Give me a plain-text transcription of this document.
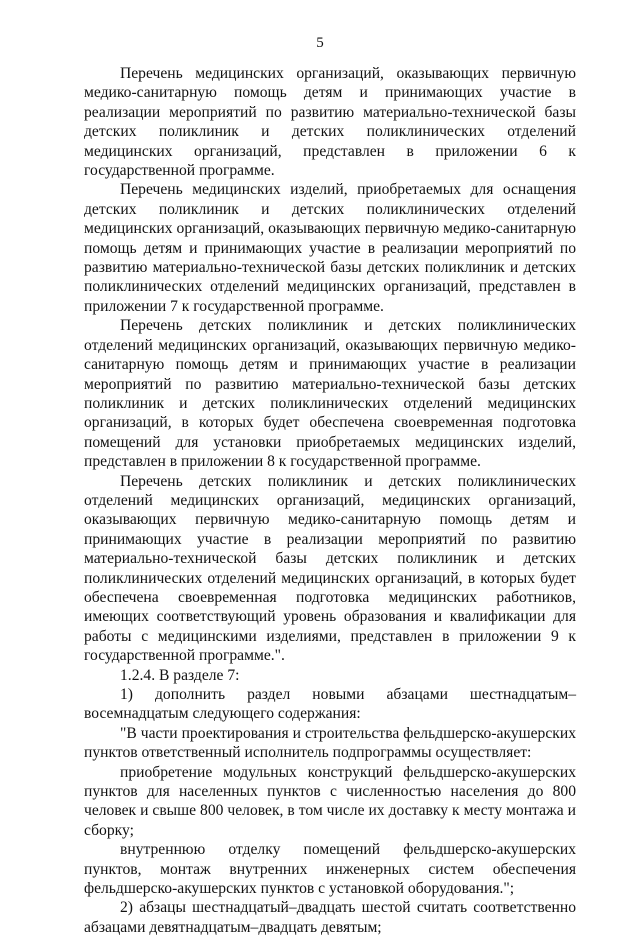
5

Перечень медицинских организаций, оказывающих первичную медико-санитарную помощь детям и принимающих участие в реализации мероприятий по развитию материально-технической базы детских поликлиник и детских поликлинических отделений медицинских организаций, представлен в приложении 6 к государственной программе.

Перечень медицинских изделий, приобретаемых для оснащения детских поликлиник и детских поликлинических отделений медицинских организаций, оказывающих первичную медико-санитарную помощь детям и принимающих участие в реализации мероприятий по развитию материально-технической базы детских поликлиник и детских поликлинических отделений медицинских организаций, представлен в приложении 7 к государственной программе.

Перечень детских поликлиник и детских поликлинических отделений медицинских организаций, оказывающих первичную медико-санитарную помощь детям и принимающих участие в реализации мероприятий по развитию материально-технической базы детских поликлиник и детских поликлинических отделений медицинских организаций, в которых будет обеспечена своевременная подготовка помещений для установки приобретаемых медицинских изделий, представлен в приложении 8 к государственной программе.

Перечень детских поликлиник и детских поликлинических отделений медицинских организаций, медицинских организаций, оказывающих первичную медико-санитарную помощь детям и принимающих участие в реализации мероприятий по развитию материально-технической базы детских поликлиник и детских поликлинических отделений медицинских организаций, в которых будет обеспечена своевременная подготовка медицинских работников, имеющих соответствующий уровень образования и квалификации для работы с медицинскими изделиями, представлен в приложении 9 к государственной программе.".

1.2.4. В разделе 7:

1) дополнить раздел новыми абзацами шестнадцатым–восемнадцатым следующего содержания:

"В части проектирования и строительства фельдшерско-акушерских пунктов ответственный исполнитель подпрограммы осуществляет:

приобретение модульных конструкций фельдшерско-акушерских пунктов для населенных пунктов с численностью населения до 800 человек и свыше 800 человек, в том числе их доставку к месту монтажа и сборку;

внутреннюю отделку помещений фельдшерско-акушерских пунктов, монтаж внутренних инженерных систем обеспечения фельдшерско-акушерских пунктов с установкой оборудования.";

2) абзацы шестнадцатый–двадцать шестой считать соответственно абзацами девятнадцатым–двадцать девятым;
